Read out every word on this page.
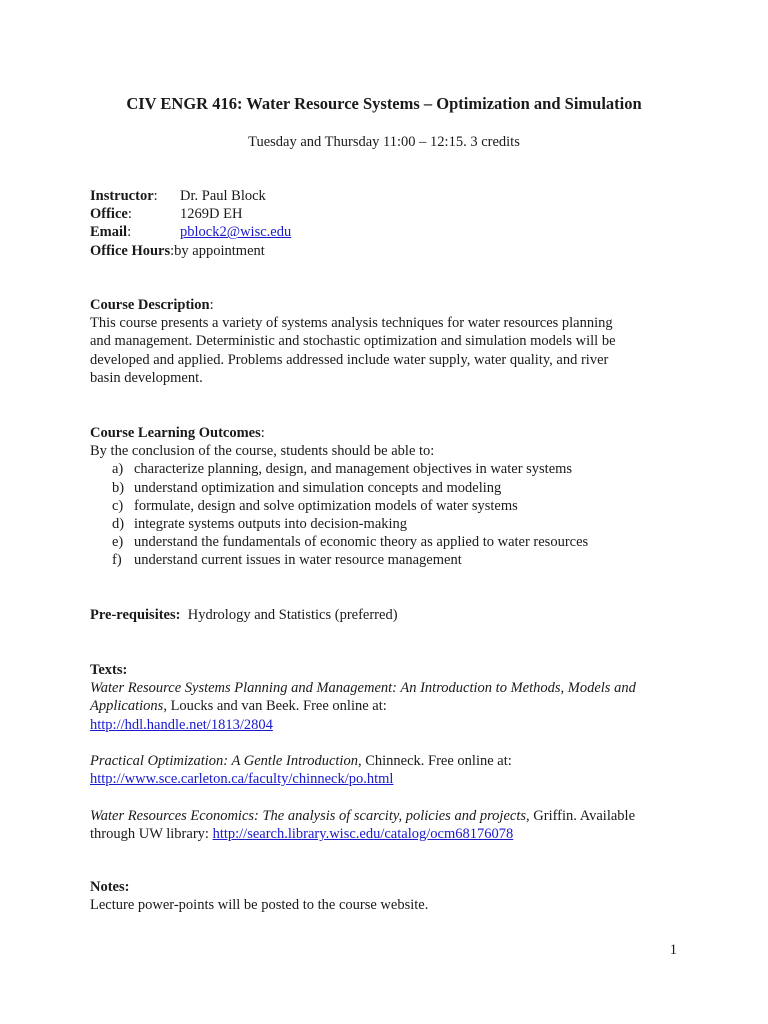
CIV ENGR 416: Water Resource Systems – Optimization and Simulation
Tuesday and Thursday 11:00 – 12:15. 3 credits
Instructor: Dr. Paul Block
Office:	1269D EH
Email:	pblock2@wisc.edu
Office Hours:by appointment
Course Description:
This course presents a variety of systems analysis techniques for water resources planning
and management. Deterministic and stochastic optimization and simulation models will be
developed and applied. Problems addressed include water supply, water quality, and river
basin development.
Course Learning Outcomes:
By the conclusion of the course, students should be able to:
a) characterize planning, design, and management objectives in water systems
b) understand optimization and simulation concepts and modeling
c) formulate, design and solve optimization models of water systems
d) integrate systems outputs into decision-making
e) understand the fundamentals of economic theory as applied to water resources
f) understand current issues in water resource management
Pre-requisites: Hydrology and Statistics (preferred)
Texts:
Water Resource Systems Planning and Management: An Introduction to Methods, Models and
Applications, Loucks and van Beek. Free online at:
http://hdl.handle.net/1813/2804
Practical Optimization: A Gentle Introduction, Chinneck. Free online at:
http://www.sce.carleton.ca/faculty/chinneck/po.html
Water Resources Economics: The analysis of scarcity, policies and projects, Griffin. Available
through UW library: http://search.library.wisc.edu/catalog/ocm68176078
Notes:
Lecture power-points will be posted to the course website.
1
